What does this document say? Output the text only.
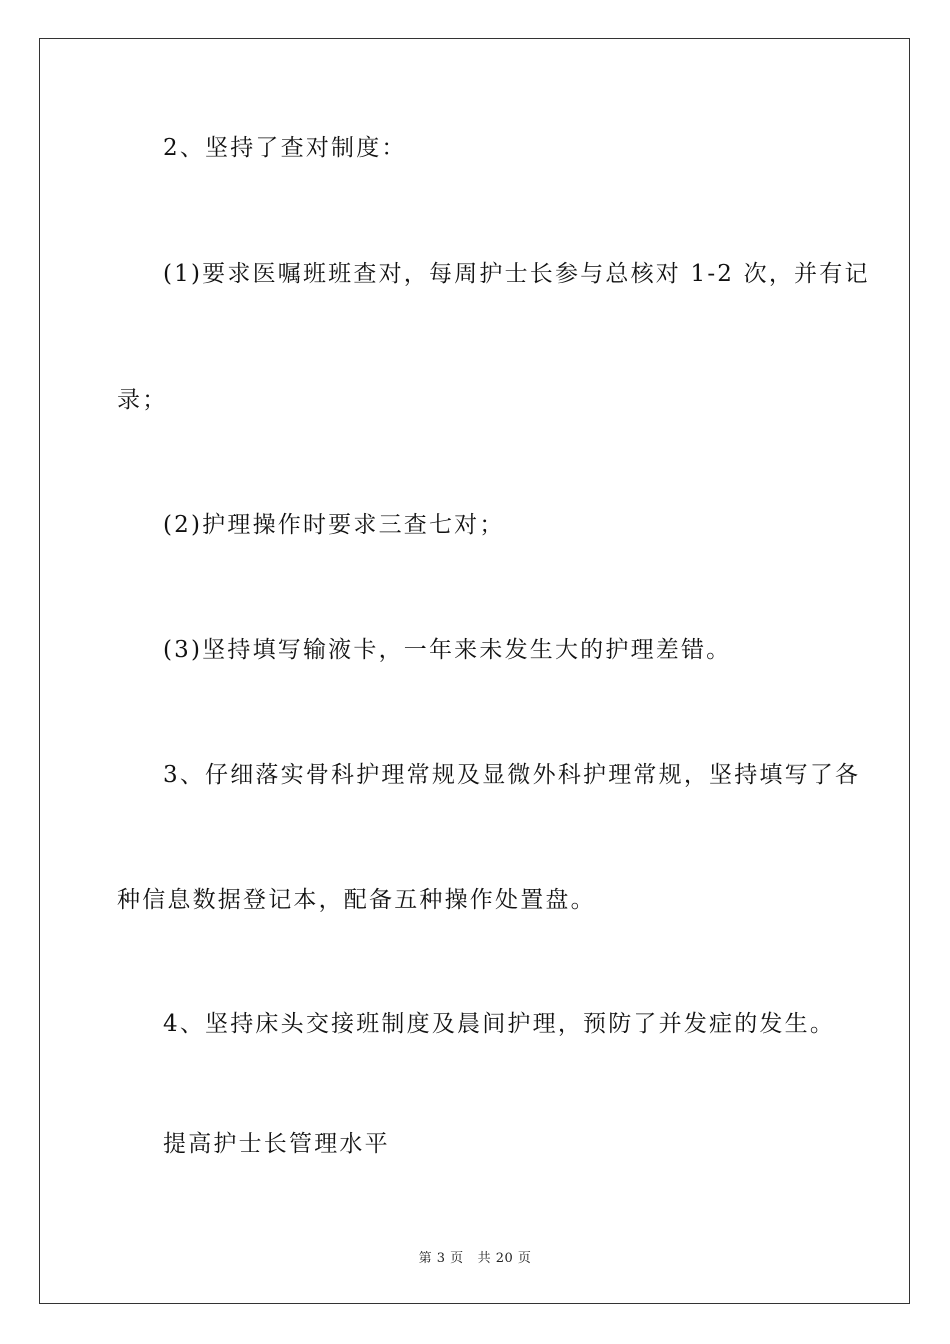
2、坚持了查对制度：
(1)要求医嘱班班查对，每周护士长参与总核对 1-2 次，并有记
录；
(2)护理操作时要求三查七对；
(3)坚持填写输液卡，一年来未发生大的护理差错。
3、仔细落实骨科护理常规及显微外科护理常规，坚持填写了各
种信息数据登记本，配备五种操作处置盘。
4、坚持床头交接班制度及晨间护理，预防了并发症的发生。
提高护士长管理水平
第 3 页 共 20 页
